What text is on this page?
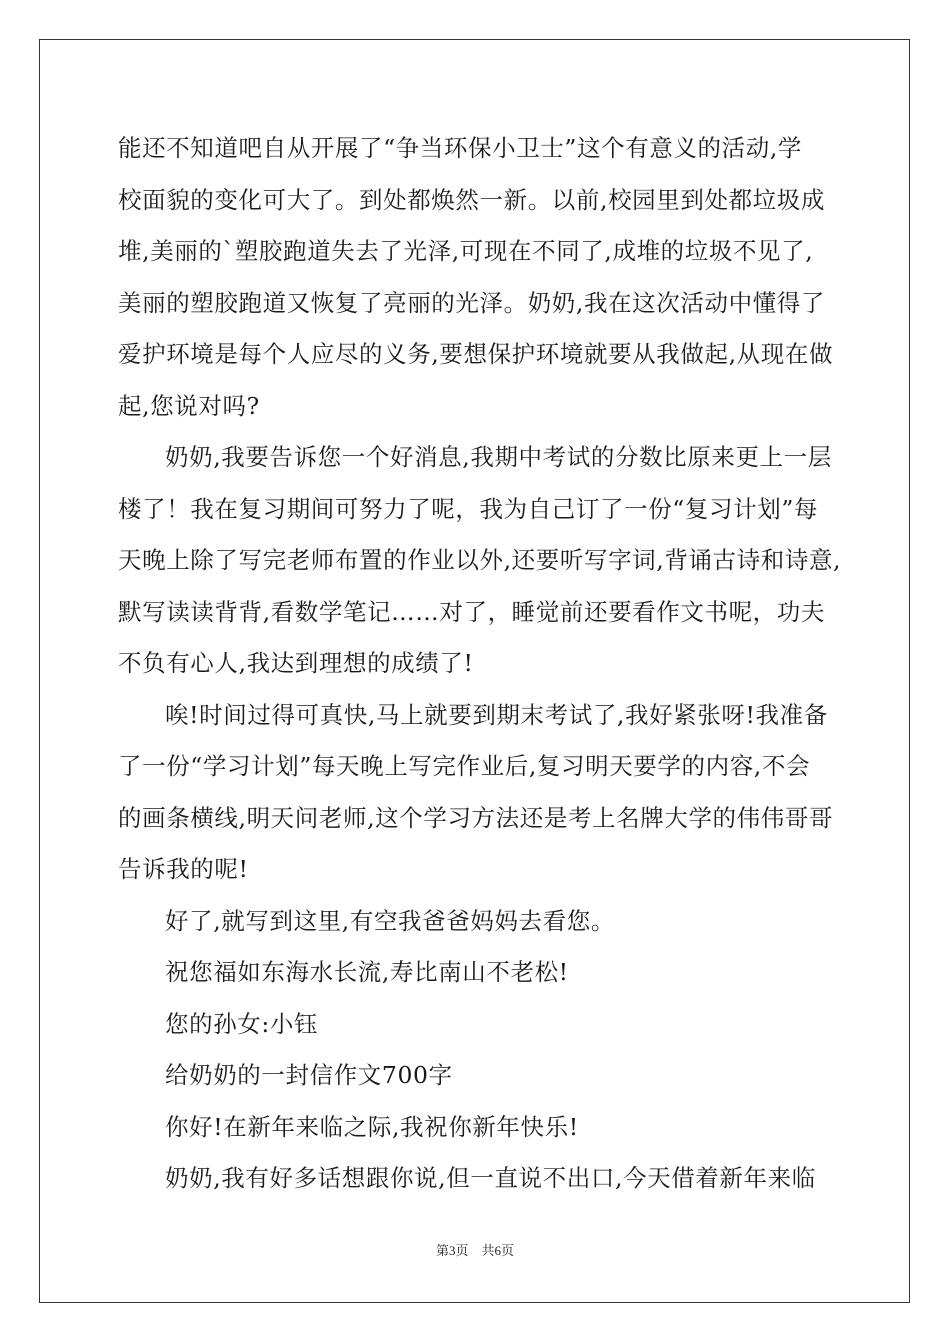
能还不知道吧自从开展了“争当环保小卫士”这个有意义的活动,学
校面貌的变化可大了。到处都焕然一新。以前,校园里到处都垃圾成
堆,美丽的`塑胶跑道失去了光泽,可现在不同了,成堆的垃圾不见了,
美丽的塑胶跑道又恢复了亮丽的光泽。奶奶,我在这次活动中懂得了
爱护环境是每个人应尽的义务,要想保护环境就要从我做起,从现在做
起,您说对吗?
奶奶,我要告诉您一个好消息,我期中考试的分数比原来更上一层
楼了！我在复习期间可努力了呢，我为自己订了一份“复习计划”每
天晚上除了写完老师布置的作业以外,还要听写字词,背诵古诗和诗意,
默写读读背背,看数学笔记……对了，睡觉前还要看作文书呢，功夫
不负有心人,我达到理想的成绩了!
唉!时间过得可真快,马上就要到期末考试了,我好紧张呀!我准备
了一份“学习计划”每天晚上写完作业后,复习明天要学的内容,不会
的画条横线,明天问老师,这个学习方法还是考上名牌大学的伟伟哥哥
告诉我的呢!
好了,就写到这里,有空我爸爸妈妈去看您。
祝您福如东海水长流,寿比南山不老松!
您的孙女:小钰
给奶奶的一封信作文700字
你好!在新年来临之际,我祝你新年快乐!
奶奶,我有好多话想跟你说,但一直说不出口,今天借着新年来临
第3页　共6页
